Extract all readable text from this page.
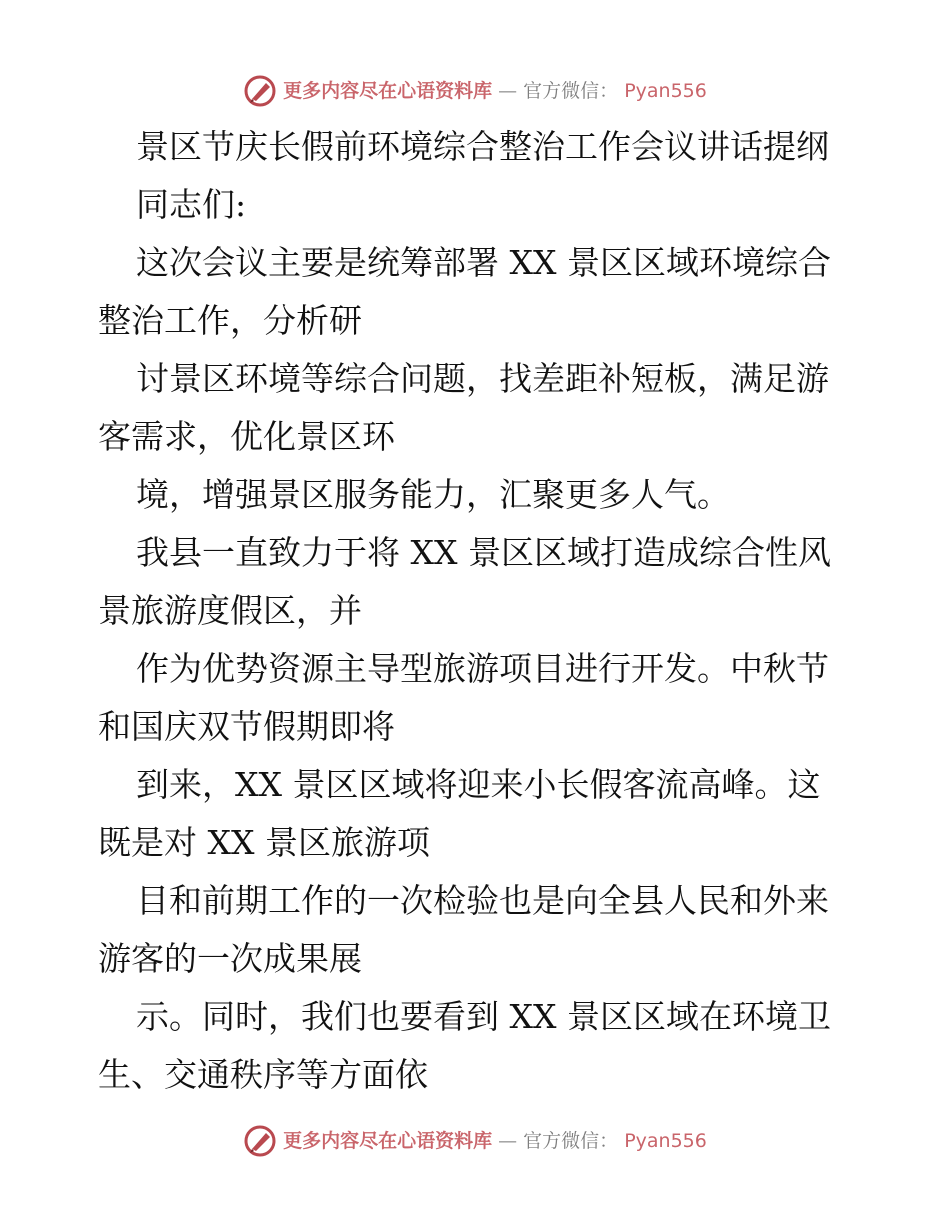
更多内容尽在心语资料库 — 官方微信： Pyan556
景区节庆长假前环境综合整治工作会议讲话提纲
同志们:
这次会议主要是统筹部署 XX 景区区域环境综合
整治工作，分析研
讨景区环境等综合问题，找差距补短板，满足游
客需求，优化景区环
境，增强景区服务能力，汇聚更多人气。
我县一直致力于将 XX 景区区域打造成综合性风
景旅游度假区，并
作为优势资源主导型旅游项目进行开发。中秋节
和国庆双节假期即将
到来，XX 景区区域将迎来小长假客流高峰。这
既是对 XX 景区旅游项
目和前期工作的一次检验也是向全县人民和外来
游客的一次成果展
示。同时，我们也要看到 XX 景区区域在环境卫
生、交通秩序等方面依
更多内容尽在心语资料库 — 官方微信： Pyan556
